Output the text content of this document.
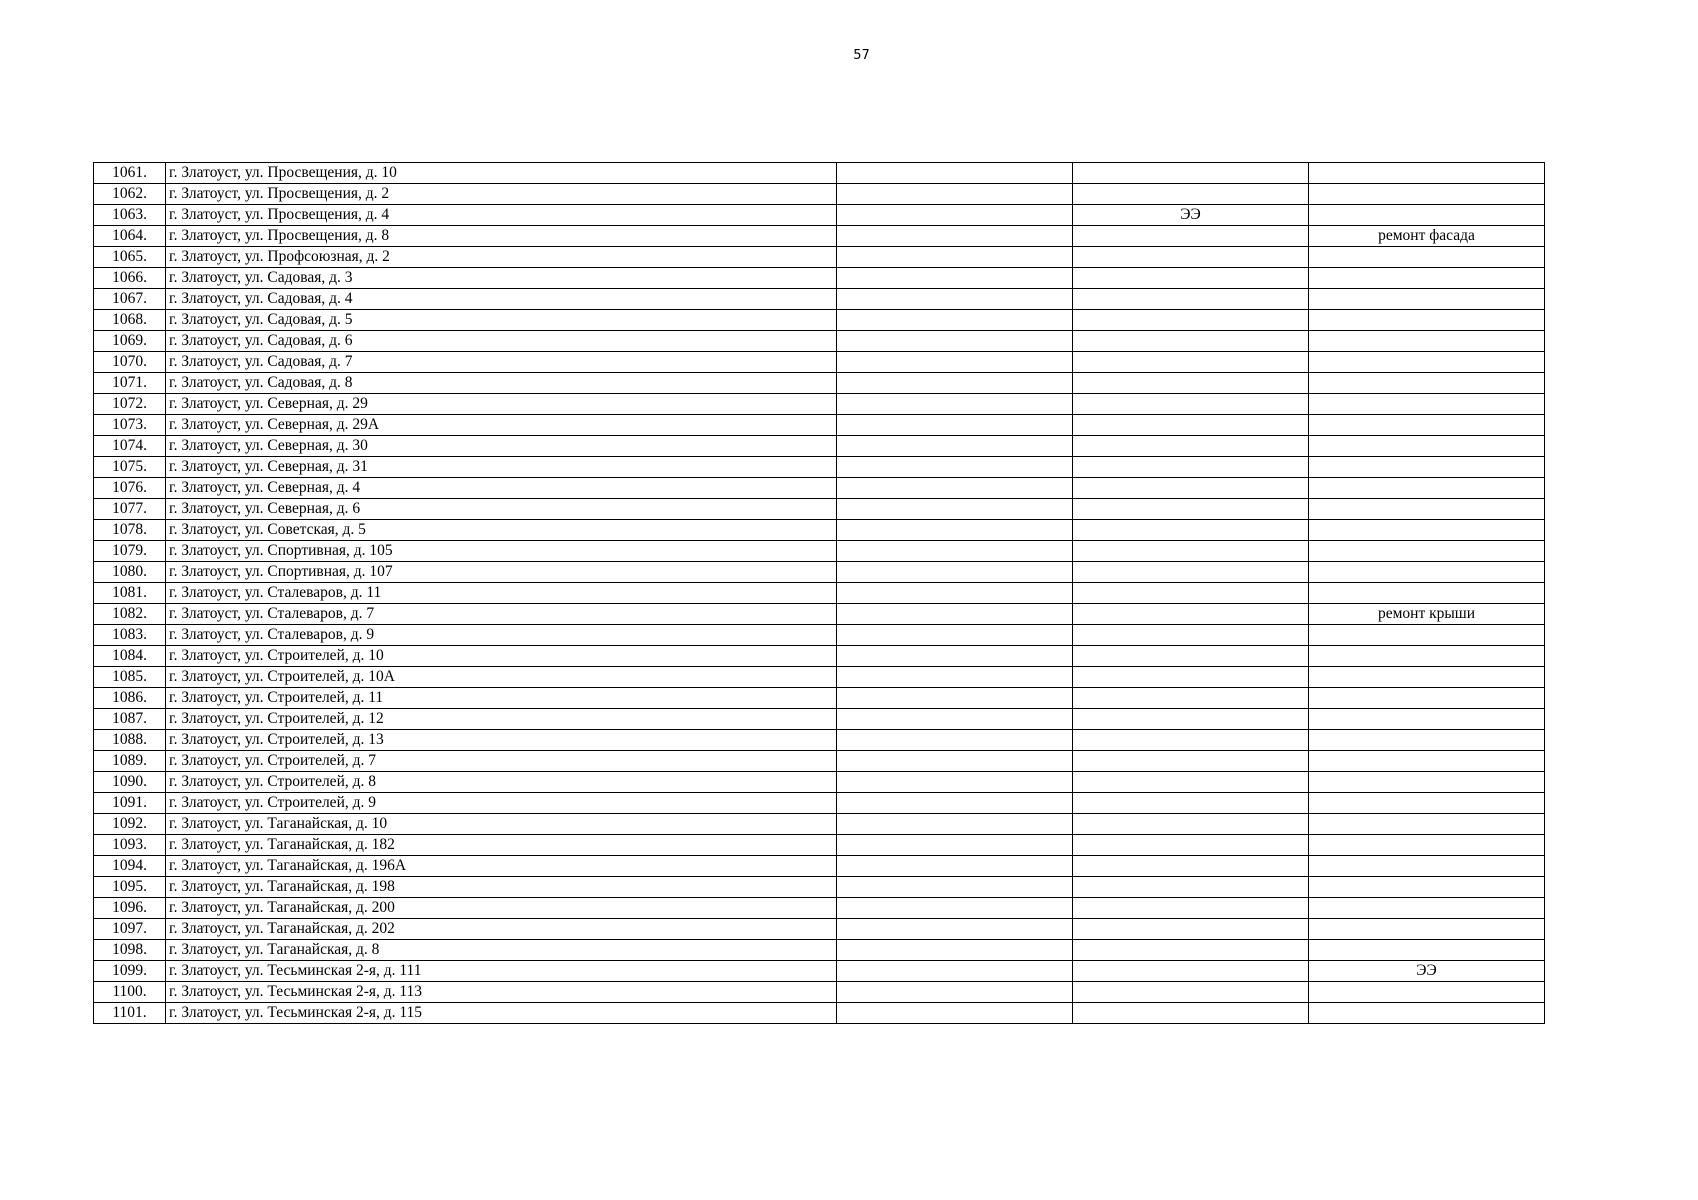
57
1061.	г. Златоуст, ул. Просвещения, д. 10			
1062.	г. Златоуст, ул. Просвещения, д. 2			
1063.	г. Златоуст, ул. Просвещения, д. 4		ЭЭ	
1064.	г. Златоуст, ул. Просвещения, д. 8			ремонт фасада
1065.	г. Златоуст, ул. Профсоюзная, д. 2			
1066.	г. Златоуст, ул. Садовая, д. 3			
1067.	г. Златоуст, ул. Садовая, д. 4			
1068.	г. Златоуст, ул. Садовая, д. 5			
1069.	г. Златоуст, ул. Садовая, д. 6			
1070.	г. Златоуст, ул. Садовая, д. 7			
1071.	г. Златоуст, ул. Садовая, д. 8			
1072.	г. Златоуст, ул. Северная, д. 29			
1073.	г. Златоуст, ул. Северная, д. 29А			
1074.	г. Златоуст, ул. Северная, д. 30			
1075.	г. Златоуст, ул. Северная, д. 31			
1076.	г. Златоуст, ул. Северная, д. 4			
1077.	г. Златоуст, ул. Северная, д. 6			
1078.	г. Златоуст, ул. Советская, д. 5			
1079.	г. Златоуст, ул. Спортивная, д. 105			
1080.	г. Златоуст, ул. Спортивная, д. 107			
1081.	г. Златоуст, ул. Сталеваров, д. 11			
1082.	г. Златоуст, ул. Сталеваров, д. 7			ремонт крыши
1083.	г. Златоуст, ул. Сталеваров, д. 9			
1084.	г. Златоуст, ул. Строителей, д. 10			
1085.	г. Златоуст, ул. Строителей, д. 10А			
1086.	г. Златоуст, ул. Строителей, д. 11			
1087.	г. Златоуст, ул. Строителей, д. 12			
1088.	г. Златоуст, ул. Строителей, д. 13			
1089.	г. Златоуст, ул. Строителей, д. 7			
1090.	г. Златоуст, ул. Строителей, д. 8			
1091.	г. Златоуст, ул. Строителей, д. 9			
1092.	г. Златоуст, ул. Таганайская, д. 10			
1093.	г. Златоуст, ул. Таганайская, д. 182			
1094.	г. Златоуст, ул. Таганайская, д. 196А			
1095.	г. Златоуст, ул. Таганайская, д. 198			
1096.	г. Златоуст, ул. Таганайская, д. 200			
1097.	г. Златоуст, ул. Таганайская, д. 202			
1098.	г. Златоуст, ул. Таганайская, д. 8			
1099.	г. Златоуст, ул. Тесьминская 2-я, д. 111			ЭЭ
1100.	г. Златоуст, ул. Тесьминская 2-я, д. 113			
1101.	г. Златоуст, ул. Тесьминская 2-я, д. 115			
